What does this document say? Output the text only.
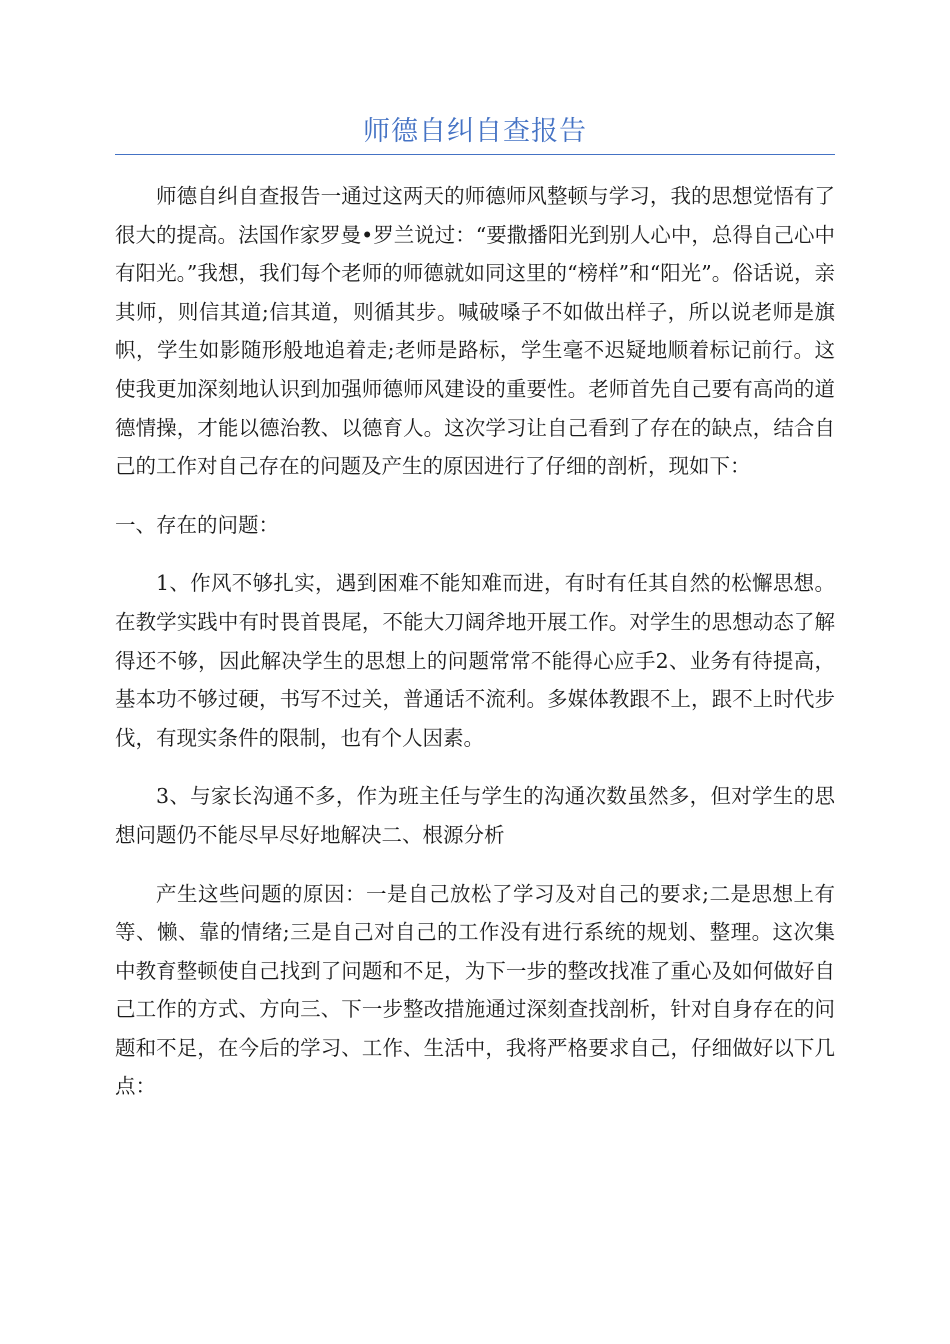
师德自纠自查报告

师德自纠自查报告一通过这两天的师德师风整顿与学习，我的思想觉悟有了很大的提高。法国作家罗曼•罗兰说过：“要撒播阳光到别人心中，总得自己心中有阳光。”我想，我们每个老师的师德就如同这里的“榜样”和“阳光”。俗话说，亲其师，则信其道;信其道，则循其步。喊破嗓子不如做出样子，所以说老师是旗帜，学生如影随形般地追着走;老师是路标，学生毫不迟疑地顺着标记前行。这使我更加深刻地认识到加强师德师风建设的重要性。老师首先自己要有高尚的道德情操，才能以德治教、以德育人。这次学习让自己看到了存在的缺点，结合自己的工作对自己存在的问题及产生的原因进行了仔细的剖析，现如下：

一、存在的问题：

1、作风不够扎实，遇到困难不能知难而进，有时有任其自然的松懈思想。在教学实践中有时畏首畏尾，不能大刀阔斧地开展工作。对学生的思想动态了解得还不够，因此解决学生的思想上的问题常常不能得心应手2、业务有待提高，基本功不够过硬，书写不过关，普通话不流利。多媒体教跟不上，跟不上时代步伐，有现实条件的限制，也有个人因素。

3、与家长沟通不多，作为班主任与学生的沟通次数虽然多，但对学生的思想问题仍不能尽早尽好地解决二、根源分析

产生这些问题的原因：一是自己放松了学习及对自己的要求;二是思想上有等、懒、靠的情绪;三是自己对自己的工作没有进行系统的规划、整理。这次集中教育整顿使自己找到了问题和不足，为下一步的整改找准了重心及如何做好自己工作的方式、方向三、下一步整改措施通过深刻查找剖析，针对自身存在的问题和不足，在今后的学习、工作、生活中，我将严格要求自己，仔细做好以下几点：
